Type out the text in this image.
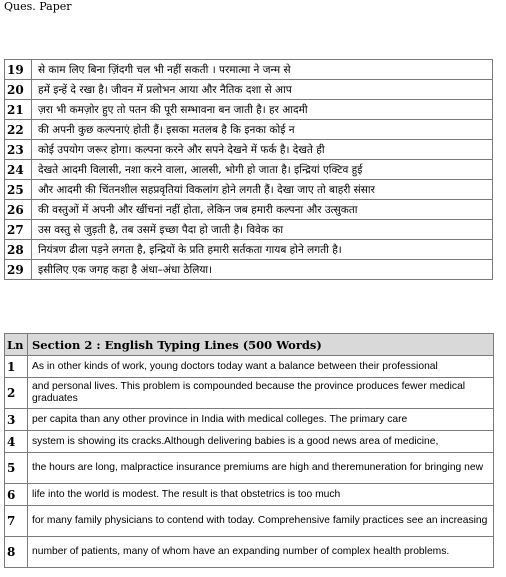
Ques. Paper
19	से काम लिए बिना ज़िंदगी चल भी नहीं सकती । परमात्मा ने जन्म से
20	हमें इन्हें दे रखा है। जीवन में प्रलोभन आया और नैतिक दशा से आप
21	ज़रा भी कमज़ोर हुए तो पतन की पूरी सम्भावना बन जाती है। हर आदमी
22	की अपनी कुछ कल्पनाएं होती हैं। इसका मतलब है कि इनका कोई न
23	कोई उपयोग जरूर होगा। कल्पना करने और सपने देखने में फर्क है। देखते ही
24	देखते आदमी विलासी, नशा करने वाला, आलसी, भोगी हो जाता है। इन्द्रियां एक्टिव हुई
25	और आदमी की चिंतनशील सहप्रवृतियां विकलांग होने लगती हैं। देखा जाए तो बाहरी संसार
26	की वस्तुओं में अपनी और खींचनां नहीं होता, लेकिन जब हमारी कल्पना और उत्सुकता
27	उस वस्तु से जुड़ती है, तब उसमें इच्छा पैदा हो जाती है। विवेक का
28	नियंत्रण ढीला पड़ने लगता है, इन्द्रियों के प्रति हमारी सर्तकता गायब होने लगती है।
29	इसीलिए एक जगह कहा है अंधा–अंधा ठेलिया।
Ln	Section 2 : English Typing Lines (500 Words)
1	As in other kinds of work, young doctors today want a balance between their professional
2	and personal lives. This problem is compounded because the province produces fewer medical graduates
3	per capita than any other province in India with medical colleges. The primary care
4	system is showing its cracks.Although delivering babies is a good news area of medicine,
5	the hours are long, malpractice insurance premiums are high and theremuneration for bringing new
6	life into the world is modest. The result is that obstetrics is too much
7	for many family physicians to contend with today. Comprehensive family practices see an increasing
8	number of patients, many of whom have an expanding number of complex health problems.
